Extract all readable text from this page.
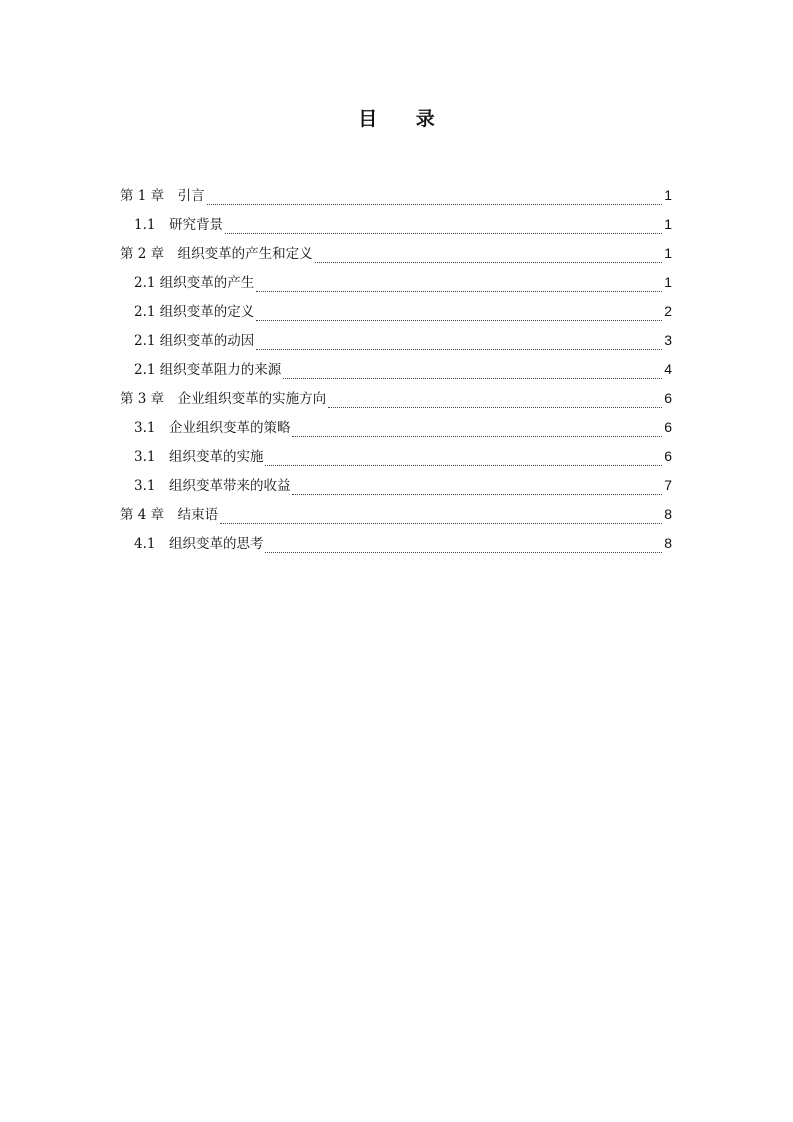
目 录
第 1 章　引言	1
1.1　研究背景	1
第 2 章　组织变革的产生和定义	1
2.1 组织变革的产生	1
2.1 组织变革的定义	2
2.1 组织变革的动因	3
2.1 组织变革阻力的来源	4
第 3 章　企业组织变革的实施方向	6
3.1　企业组织变革的策略	6
3.1　组织变革的实施	6
3.1　组织变革带来的收益	7
第 4 章　结束语	8
4.1　组织变革的思考	8
